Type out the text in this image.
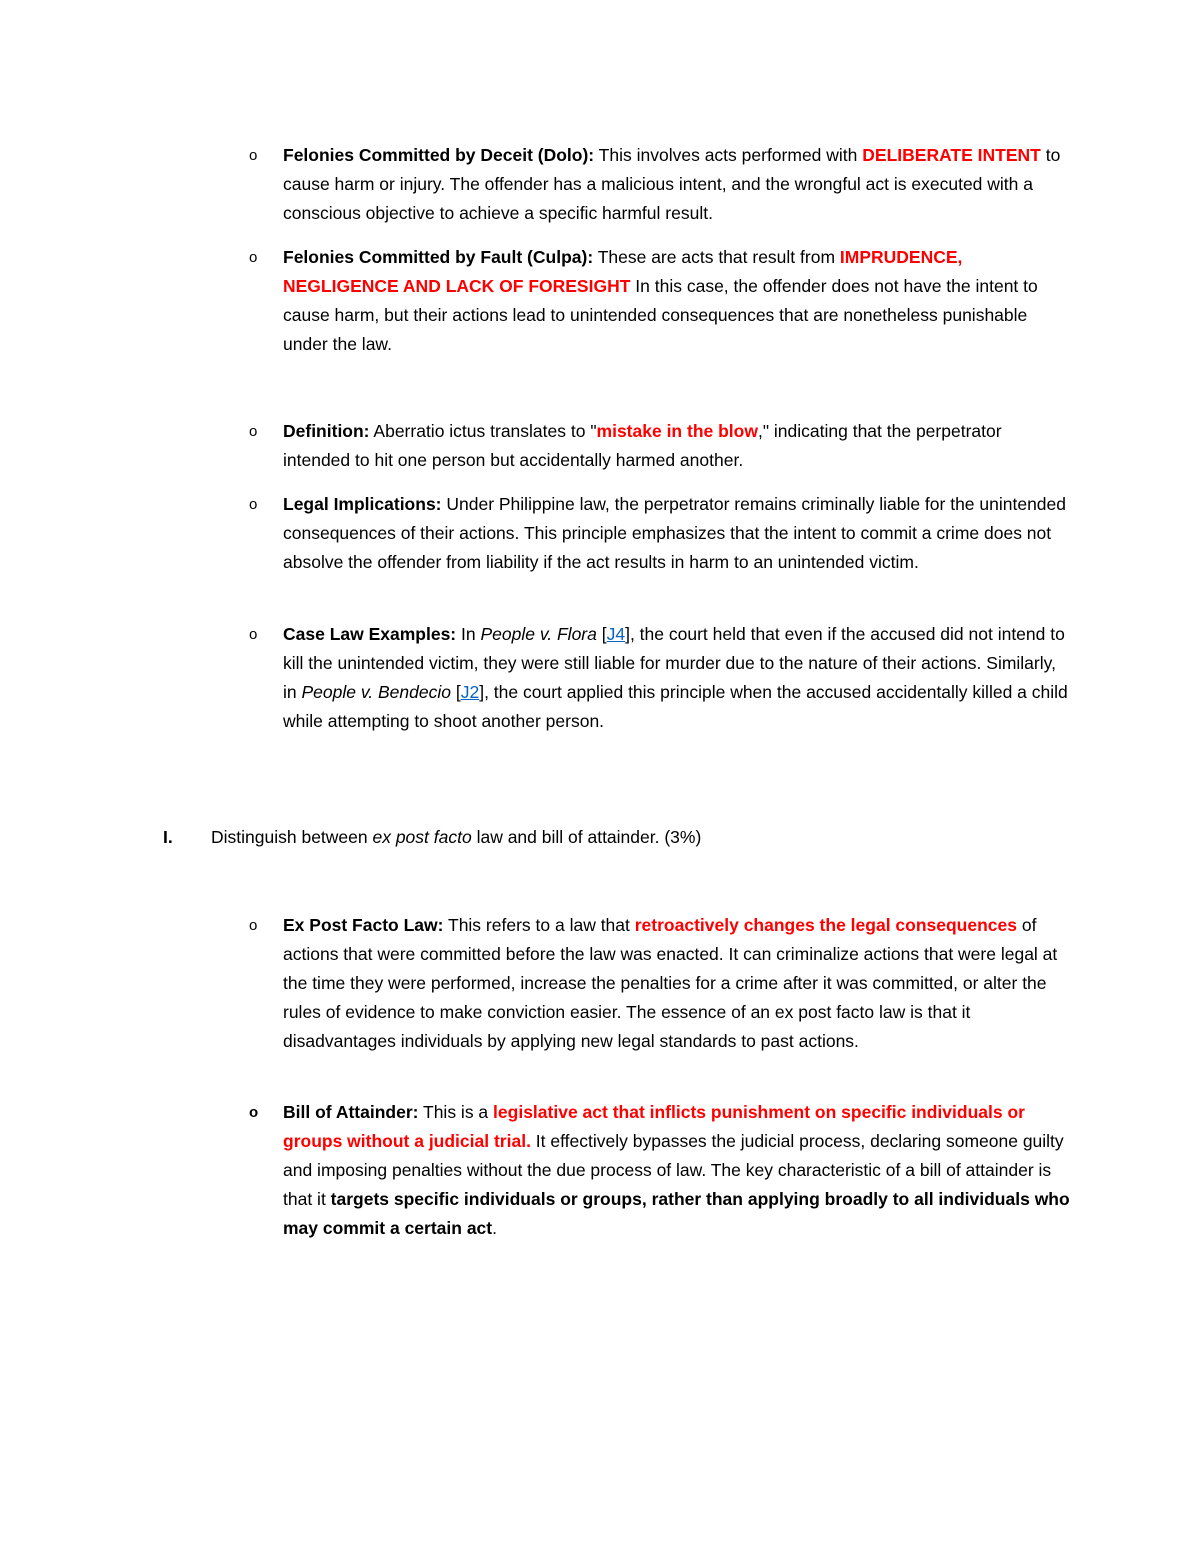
o	Felonies Committed by Deceit (Dolo): This involves acts performed with DELIBERATE INTENT to cause harm or injury. The offender has a malicious intent, and the wrongful act is executed with a conscious objective to achieve a specific harmful result.
o	Felonies Committed by Fault (Culpa): These are acts that result from IMPRUDENCE, NEGLIGENCE AND LACK OF FORESIGHT In this case, the offender does not have the intent to cause harm, but their actions lead to unintended consequences that are nonetheless punishable under the law.
o	Definition: Aberratio ictus translates to "mistake in the blow," indicating that the perpetrator intended to hit one person but accidentally harmed another.
o	Legal Implications: Under Philippine law, the perpetrator remains criminally liable for the unintended consequences of their actions. This principle emphasizes that the intent to commit a crime does not absolve the offender from liability if the act results in harm to an unintended victim.
o	Case Law Examples: In People v. Flora [J4], the court held that even if the accused did not intend to kill the unintended victim, they were still liable for murder due to the nature of their actions. Similarly, in People v. Bendecio [J2], the court applied this principle when the accused accidentally killed a child while attempting to shoot another person.
I. Distinguish between ex post facto law and bill of attainder. (3%)
o	Ex Post Facto Law: This refers to a law that retroactively changes the legal consequences of actions that were committed before the law was enacted. It can criminalize actions that were legal at the time they were performed, increase the penalties for a crime after it was committed, or alter the rules of evidence to make conviction easier. The essence of an ex post facto law is that it disadvantages individuals by applying new legal standards to past actions.
o	Bill of Attainder: This is a legislative act that inflicts punishment on specific individuals or groups without a judicial trial. It effectively bypasses the judicial process, declaring someone guilty and imposing penalties without the due process of law. The key characteristic of a bill of attainder is that it targets specific individuals or groups, rather than applying broadly to all individuals who may commit a certain act.
